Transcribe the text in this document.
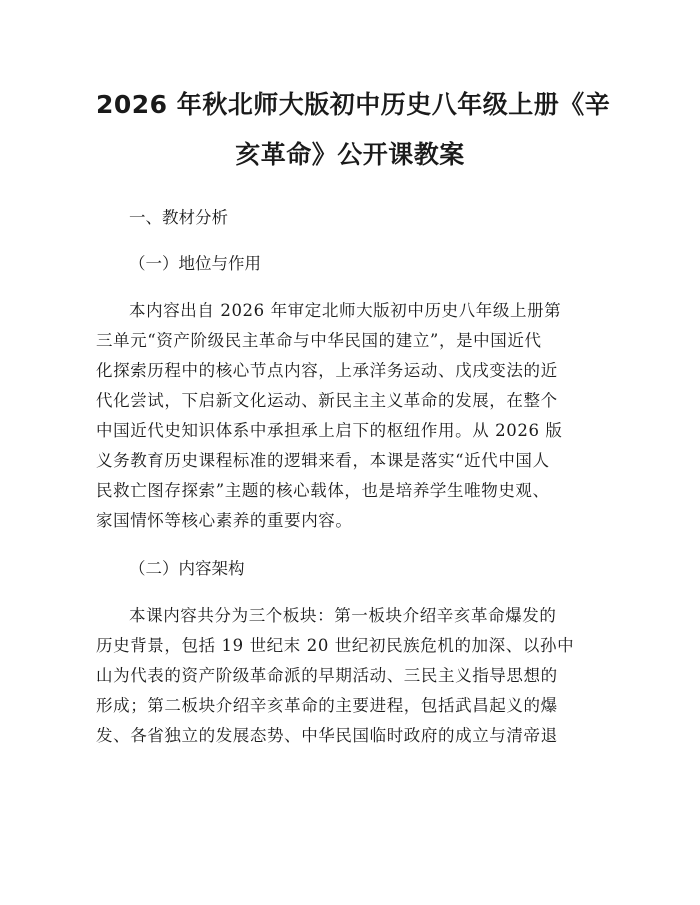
2026 年秋北师大版初中历史八年级上册《辛
亥革命》公开课教案
一、教材分析
（一）地位与作用

本内容出自 2026 年审定北师大版初中历史八年级上册第
三单元“资产阶级民主革命与中华民国的建立”，是中国近代
化探索历程中的核心节点内容，上承洋务运动、戊戌变法的近
代化尝试，下启新文化运动、新民主主义革命的发展，在整个
中国近代史知识体系中承担承上启下的枢纽作用。从 2026 版
义务教育历史课程标准的逻辑来看，本课是落实“近代中国人
民救亡图存探索”主题的核心载体，也是培养学生唯物史观、
家国情怀等核心素养的重要内容。

（二）内容架构

本课内容共分为三个板块：第一板块介绍辛亥革命爆发的
历史背景，包括 19 世纪末 20 世纪初民族危机的加深、以孙中
山为代表的资产阶级革命派的早期活动、三民主义指导思想的
形成；第二板块介绍辛亥革命的主要进程，包括武昌起义的爆
发、各省独立的发展态势、中华民国临时政府的成立与清帝退
